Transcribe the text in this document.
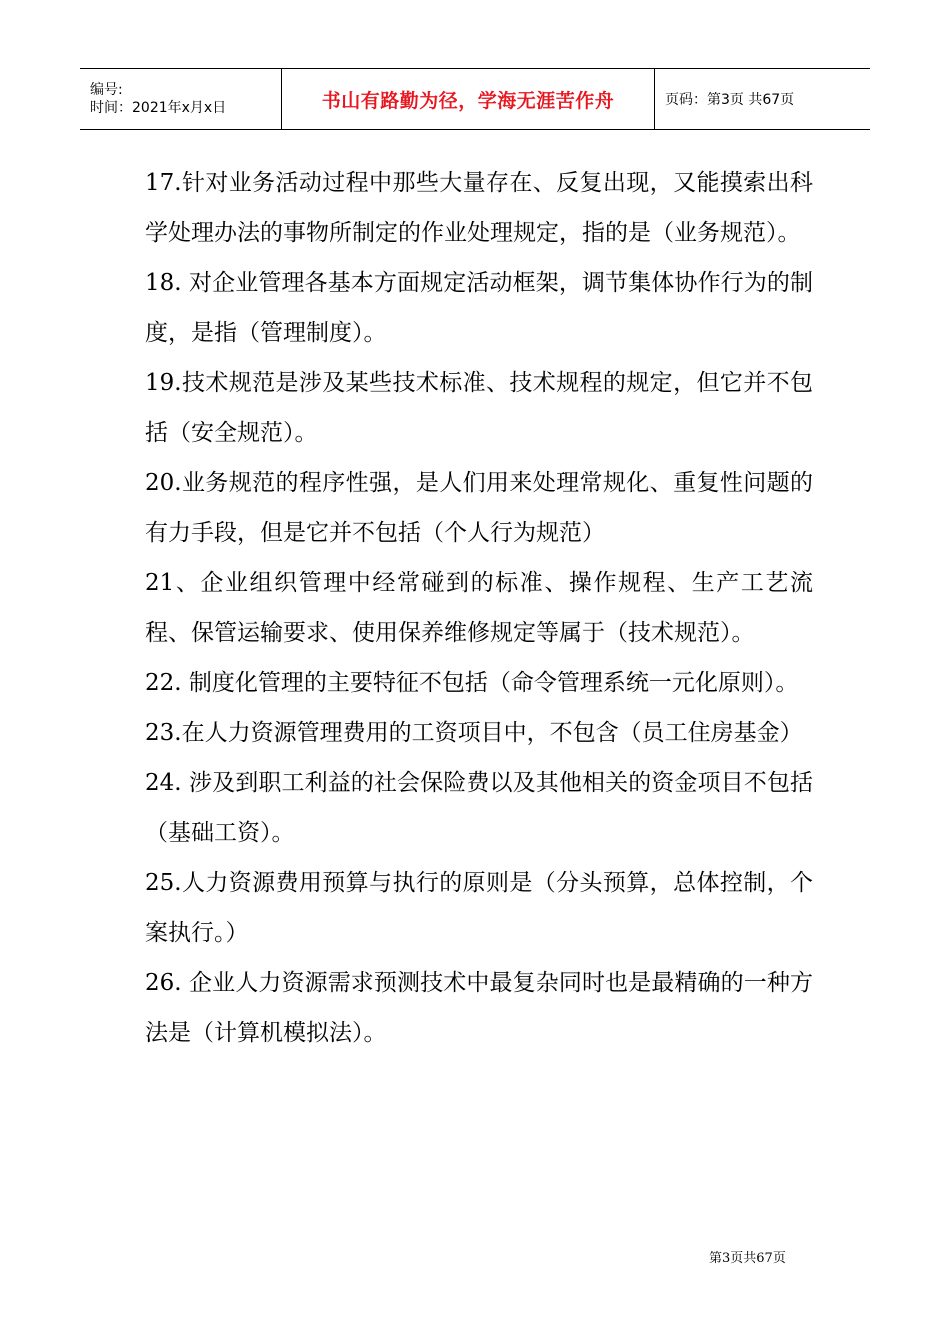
编号:
时间：2021年x月x日	书山有路勤为径，学海无涯苦作舟	页码：第3页 共67页

17.针对业务活动过程中那些大量存在、反复出现，又能摸索出科学处理办法的事物所制定的作业处理规定，指的是（业务规范）。

18. 对企业管理各基本方面规定活动框架，调节集体协作行为的制度，是指（管理制度）。

19.技术规范是涉及某些技术标准、技术规程的规定，但它并不包括（安全规范）。

20.业务规范的程序性强，是人们用来处理常规化、重复性问题的有力手段，但是它并不包括（个人行为规范）

21、企业组织管理中经常碰到的标准、操作规程、生产工艺流程、保管运输要求、使用保养维修规定等属于（技术规范）。

22. 制度化管理的主要特征不包括（命令管理系统一元化原则）。

23.在人力资源管理费用的工资项目中，不包含（员工住房基金）

24. 涉及到职工利益的社会保险费以及其他相关的资金项目不包括（基础工资）。

25.人力资源费用预算与执行的原则是（分头预算，总体控制，个案执行。）

26. 企业人力资源需求预测技术中最复杂同时也是最精确的一种方法是（计算机模拟法）。

第3页共67页
